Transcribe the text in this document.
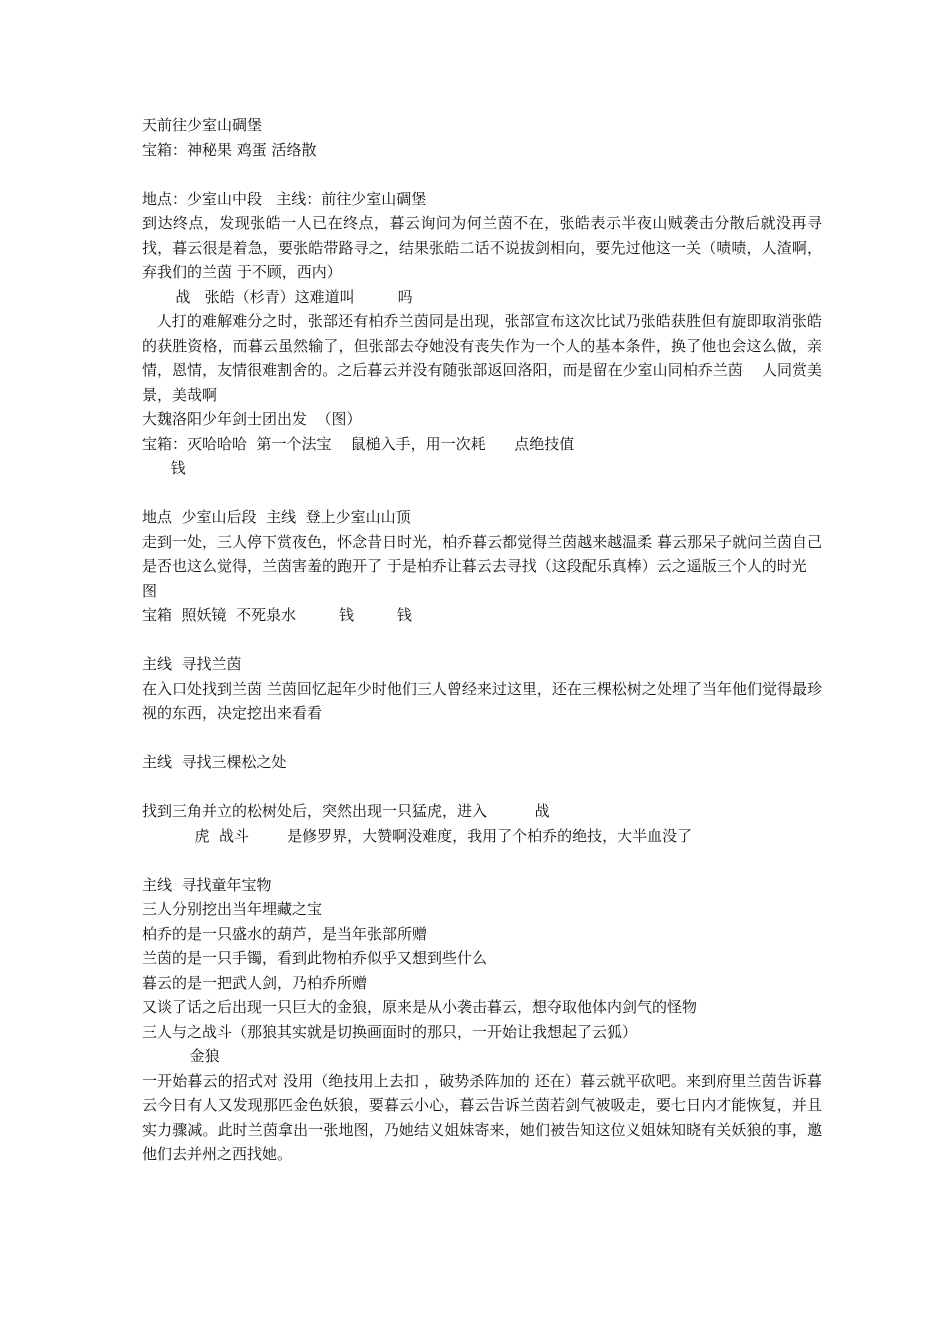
天前往少室山碉堡
宝箱：神秘果 鸡蛋 活络散
地点：少室山中段   主线：前往少室山碉堡
到达终点，发现张皓一人已在终点，暮云询问为何兰茵不在，张皓表示半夜山贼袭击分散后就没再寻找，暮云很是着急，要张皓带路寻之，结果张皓二话不说拔剑相向，要先过他这一关（啧啧，人渣啊，弃我们的兰茵 于不顾，西内）
战   张皓（杉青）这难道叫         吗
人打的难解难分之时，张部还有柏乔兰茵同是出现，张部宣布这次比试乃张皓获胜但有旋即取消张皓的获胜资格，而暮云虽然输了，但张部去夺她没有丧失作为一个人的基本条件，换了他也会这么做，亲情，恩情，友情很难割舍的。之后暮云并没有随张部返回洛阳，而是留在少室山同柏乔兰茵    人同赏美景，美哉啊
大魏洛阳少年剑士团出发  （图）
宝箱：灭哈哈哈  第一个法宝    鼠槌入手，用一次耗      点绝技值
钱
地点  少室山后段  主线  登上少室山山顶
走到一处，三人停下赏夜色，怀念昔日时光，柏乔暮云都觉得兰茵越来越温柔 暮云那呆子就问兰茵自己是否也这么觉得，兰茵害羞的跑开了 于是柏乔让暮云去寻找（这段配乐真棒）云之遥版三个人的时光
图
宝箱  照妖镜  不死泉水         钱         钱
主线  寻找兰茵
在入口处找到兰茵 兰茵回忆起年少时他们三人曾经来过这里，还在三棵松树之处埋了当年他们觉得最珍视的东西，决定挖出来看看
主线  寻找三棵松之处
找到三角并立的松树处后，突然出现一只猛虎，进入          战
虎  战斗        是修罗界，大赞啊没难度，我用了个柏乔的绝技，大半血没了
主线  寻找童年宝物
三人分别挖出当年埋藏之宝
柏乔的是一只盛水的葫芦，是当年张部所赠
兰茵的是一只手镯，看到此物柏乔似乎又想到些什么
暮云的是一把武人剑，乃柏乔所赠
又谈了话之后出现一只巨大的金狼，原来是从小袭击暮云，想夺取他体内剑气的怪物
三人与之战斗（那狼其实就是切换画面时的那只，一开始让我想起了云狐）
金狼
一开始暮云的招式对 没用（绝技用上去扣 ，破势杀阵加的 还在）暮云就平砍吧。来到府里兰茵告诉暮云今日有人又发现那匹金色妖狼，要暮云小心，暮云告诉兰茵若剑气被吸走，要七日内才能恢复，并且实力骤减。此时兰茵拿出一张地图，乃她结义姐妹寄来，她们被告知这位义姐妹知晓有关妖狼的事，邀他们去并州之西找她。
